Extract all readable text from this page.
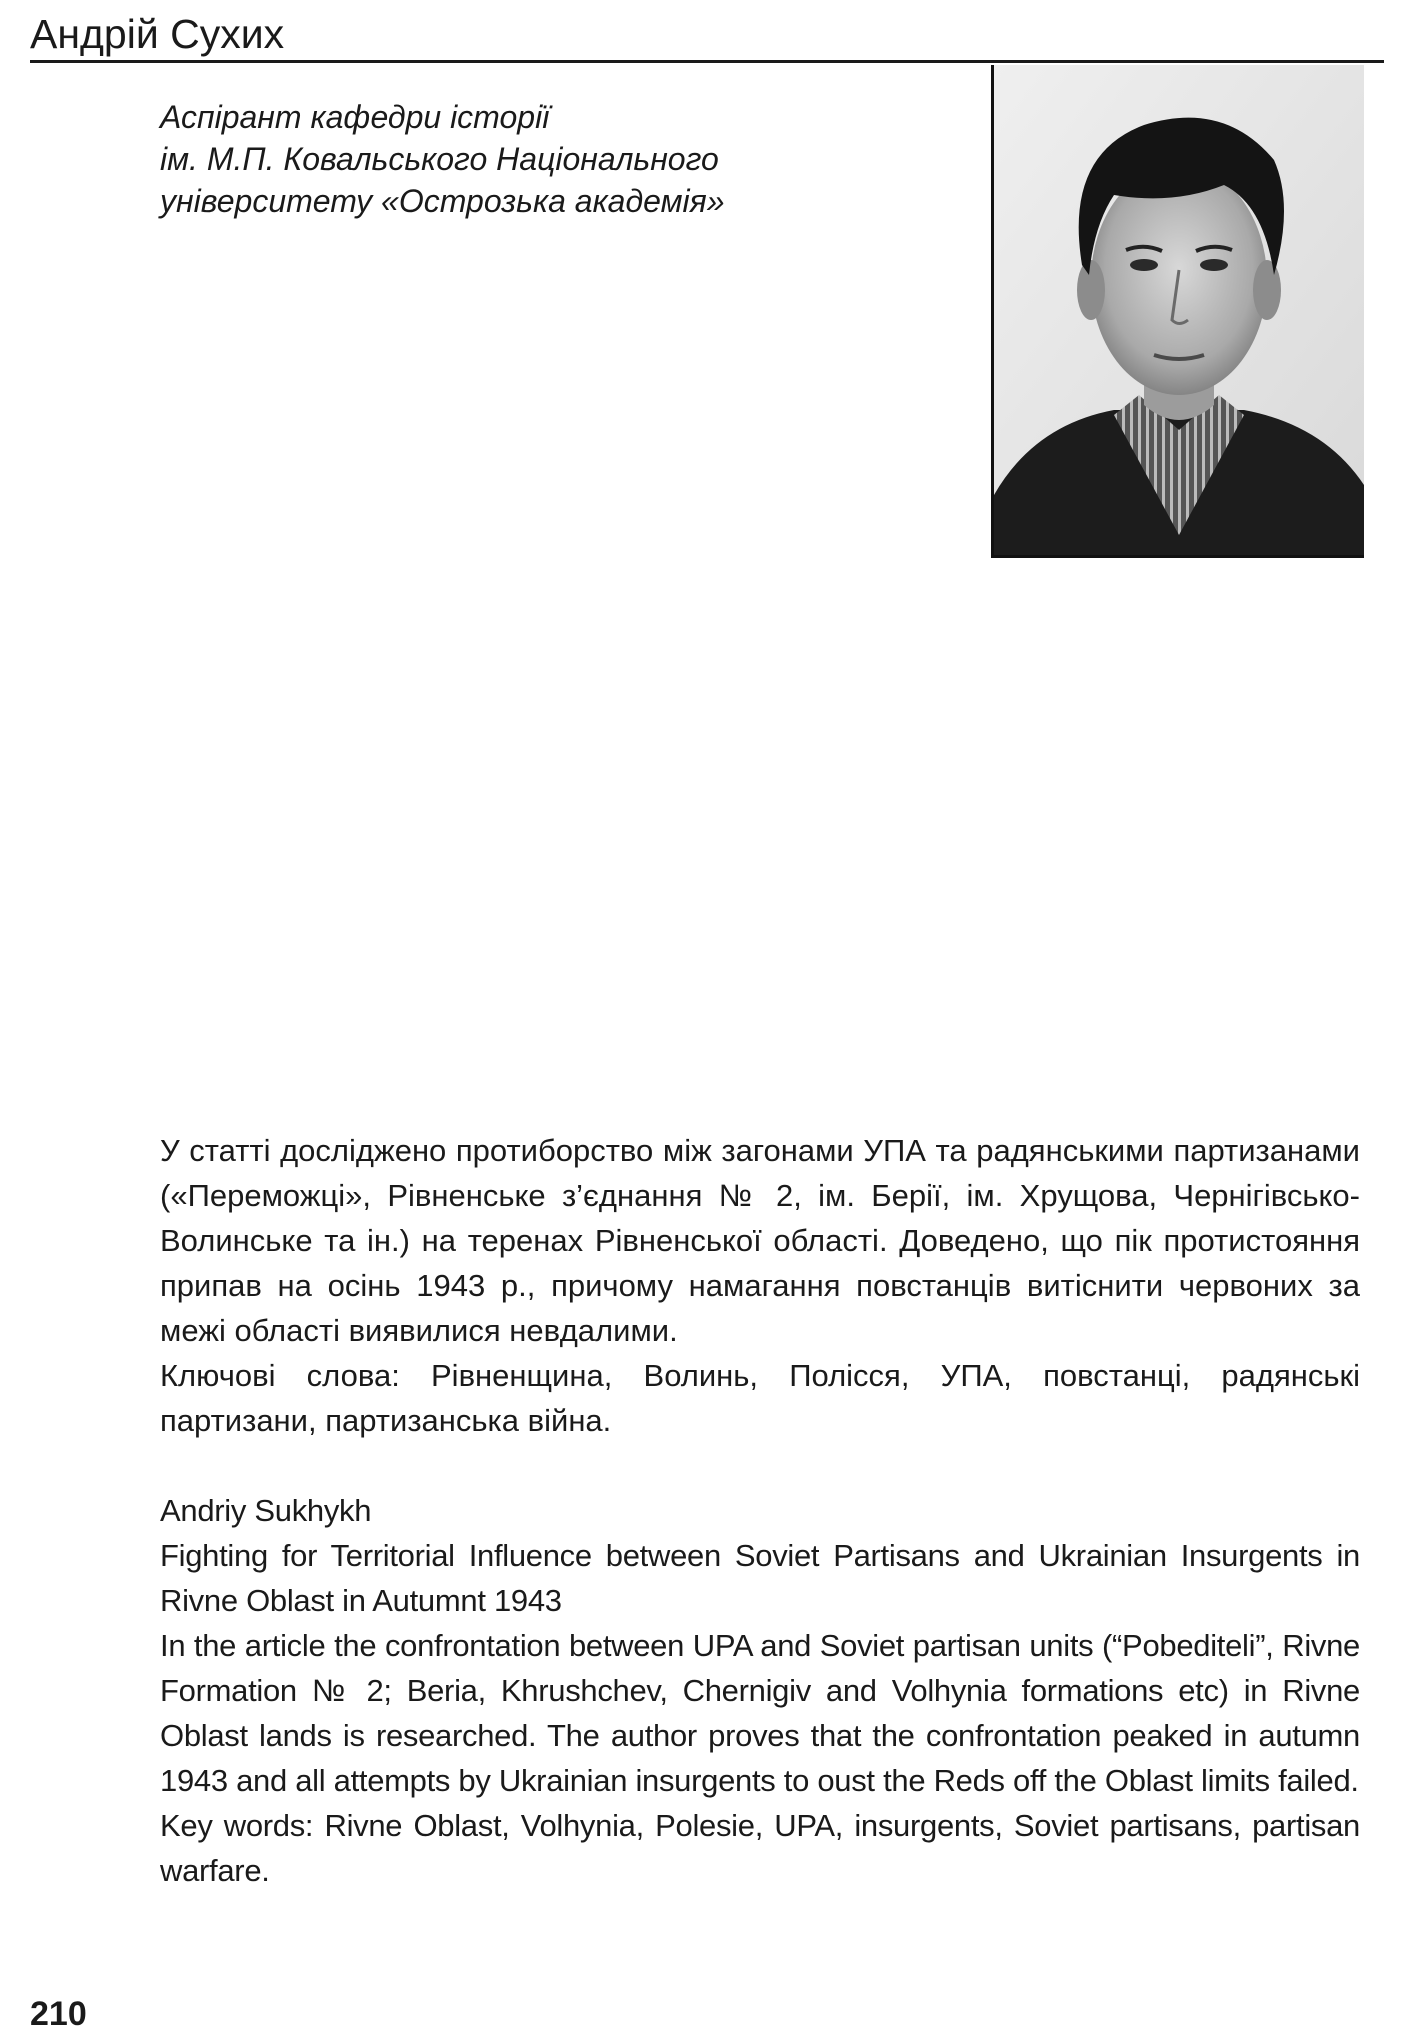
Андрій Сухих
Аспірант кафедри історії
ім. М.П. Ковальського Національного
університету «Острозька академія»
У статті досліджено протиборство між загонами УПА та радянськими партизанами («Переможці», Рівненське з’єднання № 2, ім. Берії, ім. Хрущова, Чернігівсько-Волинське та ін.) на теренах Рівненської області. Доведено, що пік протистояння припав на осінь 1943 р., причому намагання повстанців витіснити червоних за межі області виявилися невдалими.
Ключові слова: Рівненщина, Волинь, Полісся, УПА, повстанці, радянські партизани, партизанська війна.
Andriy Sukhykh
Fighting for Territorial Influence between Soviet Partisans and Ukrainian Insurgents in Rivne Oblast in Autumnt 1943
In the article the confrontation between UPA and Soviet partisan units (“Pobediteli”, Rivne Formation № 2; Beria, Khrushchev, Chernigiv and Volhynia formations etc) in Rivne Oblast lands is researched. The author proves that the confrontation peaked in autumn 1943 and all attempts by Ukrainian insurgents to oust the Reds off the Oblast limits failed.
Key words: Rivne Oblast, Volhynia, Polesie, UPA, insurgents, Soviet partisans, partisan warfare.
210
